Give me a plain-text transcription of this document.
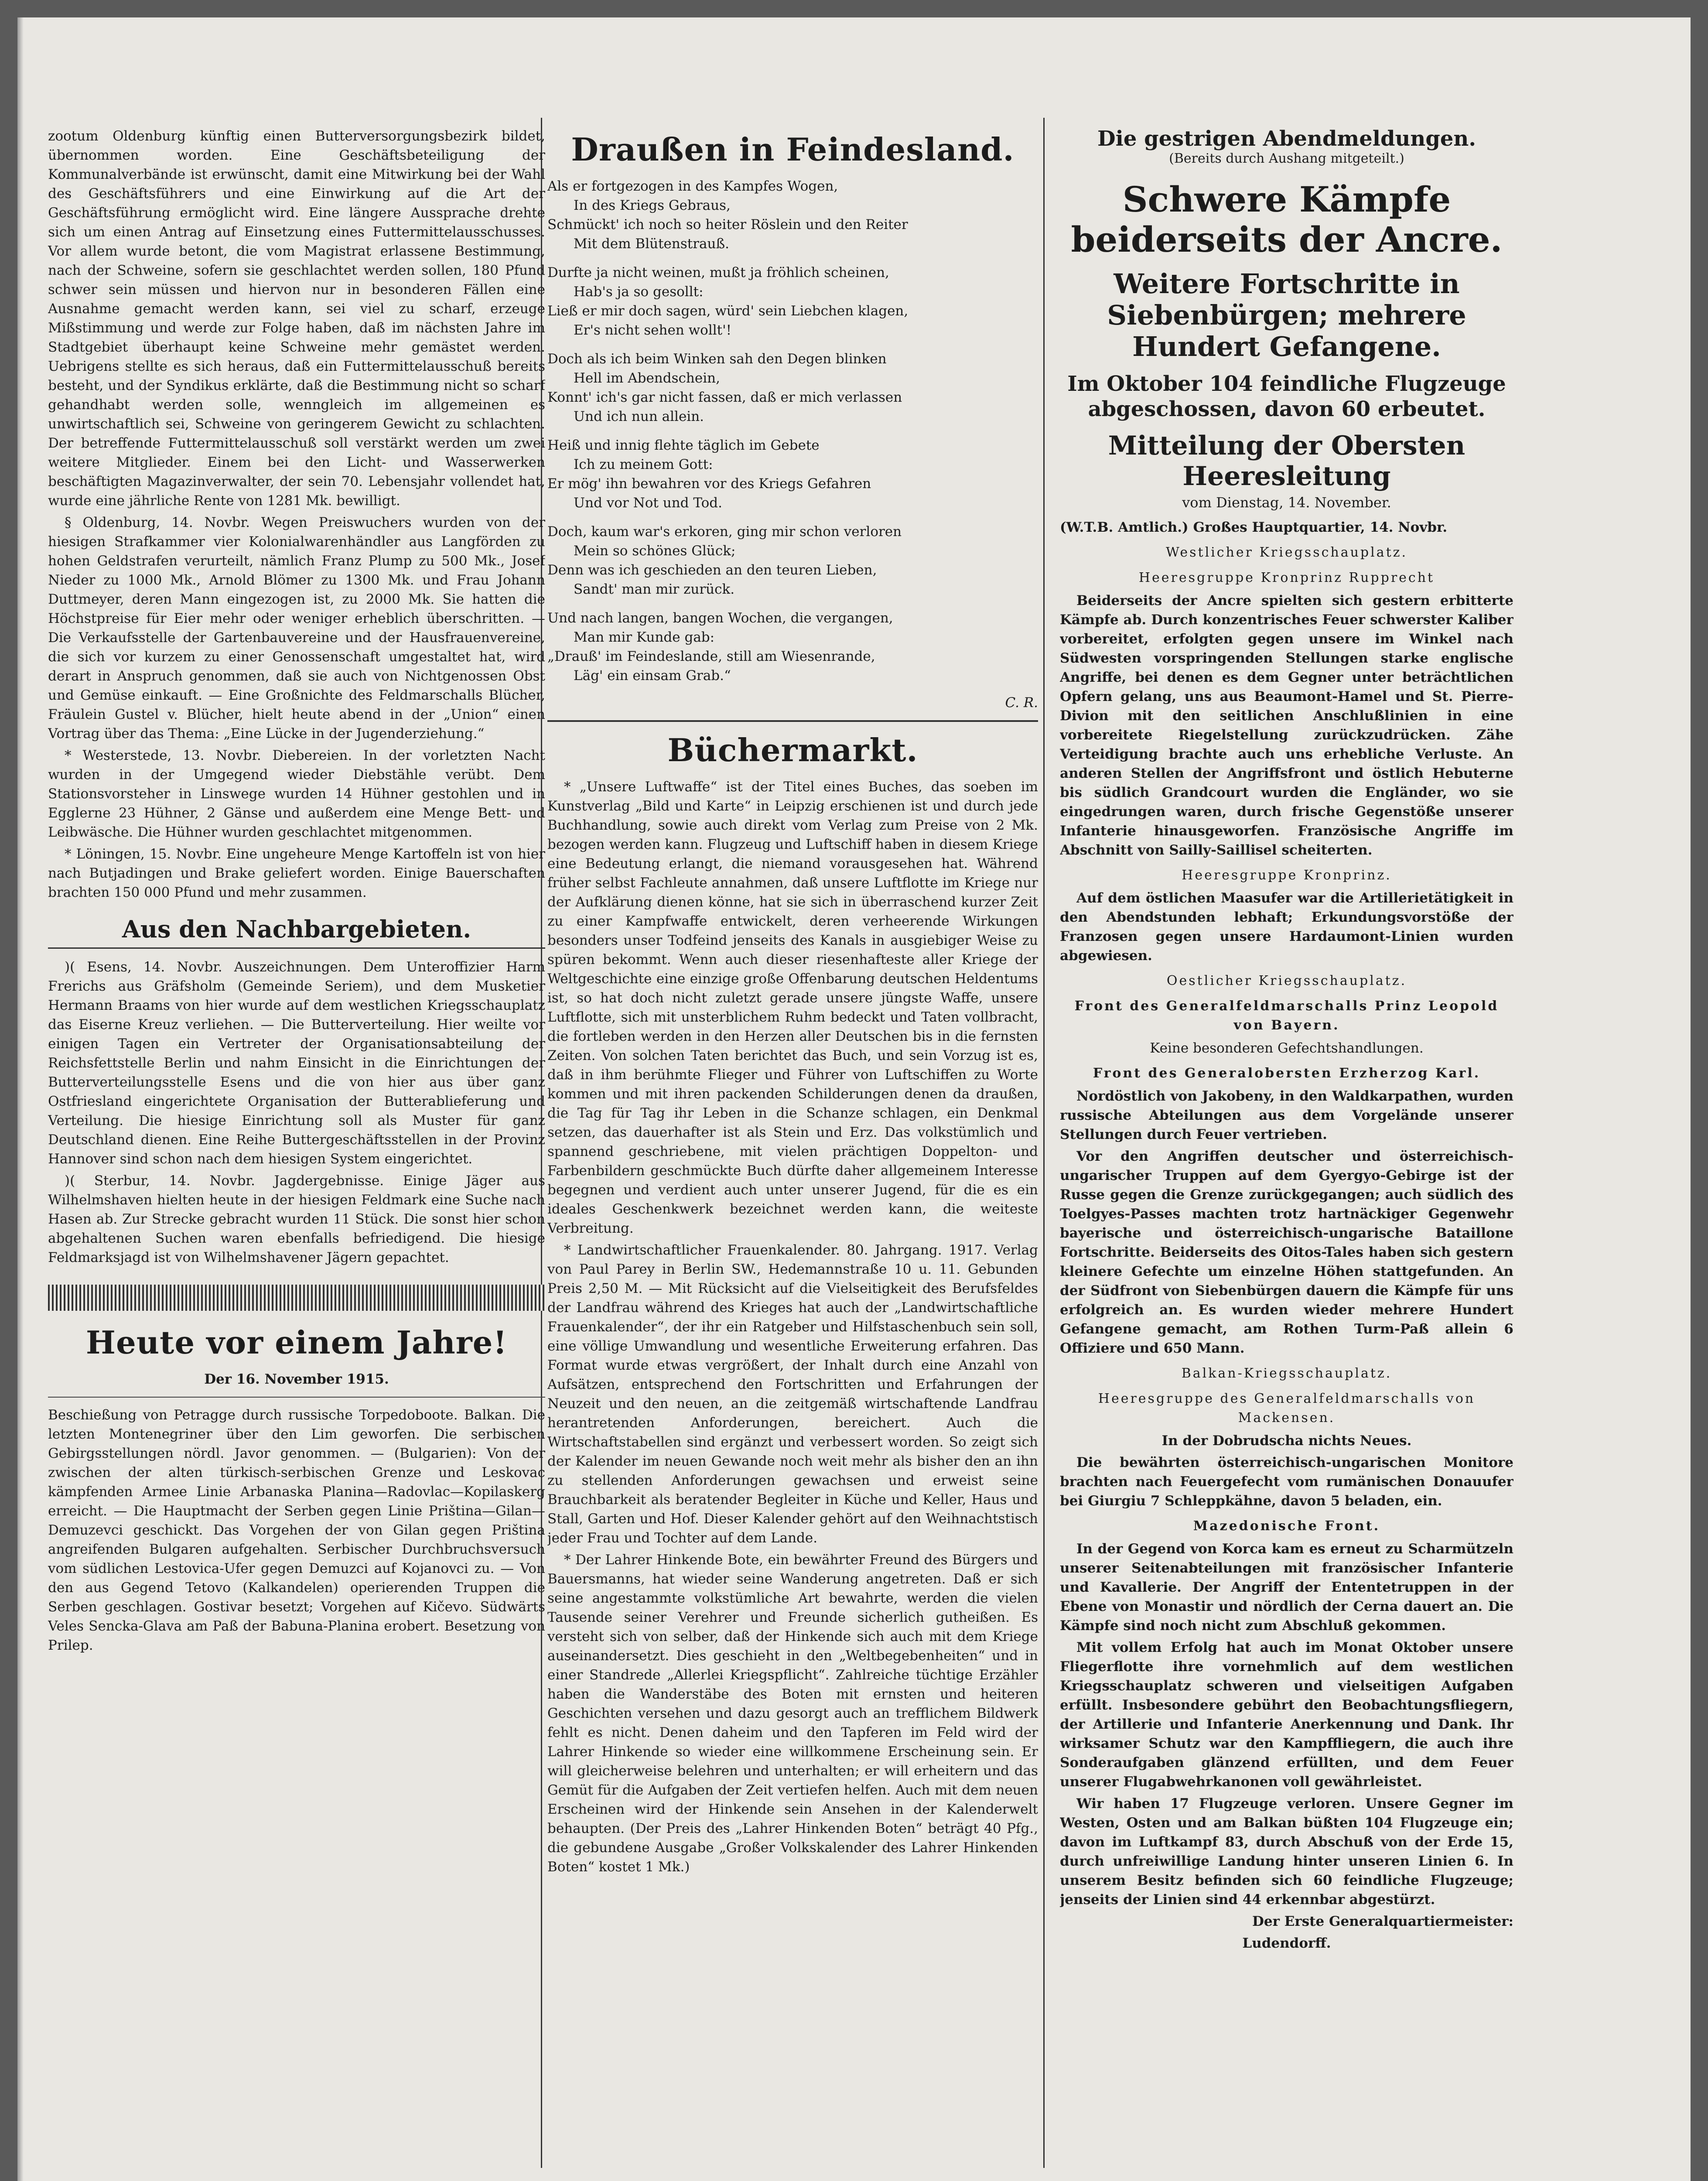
zootum Oldenburg künftig einen Butterversorgungsbezirk bildet, übernommen worden. Eine Geschäftsbeteiligung der Kommunalverbände ist erwünscht, damit eine Mitwirkung bei der Wahl des Geschäftsführers und eine Einwirkung auf die Art der Geschäftsführung ermöglicht wird. Eine längere Aussprache drehte sich um einen Antrag auf Einsetzung eines Futtermittelausschusses. Vor allem wurde betont, die vom Magistrat erlassene Bestimmung, nach der Schweine, sofern sie geschlachtet werden sollen, 180 Pfund schwer sein müssen und hiervon nur in besonderen Fällen eine Ausnahme gemacht werden kann, sei viel zu scharf, erzeuge Mißstimmung und werde zur Folge haben, daß im nächsten Jahre im Stadtgebiet überhaupt keine Schweine mehr gemästet werden. Uebrigens stellte es sich heraus, daß ein Futtermittelausschuß bereits besteht, und der Syndikus erklärte, daß die Bestimmung nicht so scharf gehandhabt werden solle, wenngleich im allgemeinen es unwirtschaftlich sei, Schweine von geringerem Gewicht zu schlachten. Der betreffende Futtermittelausschuß soll verstärkt werden um zwei weitere Mitglieder. Einem bei den Licht- und Wasserwerken beschäftigten Magazinverwalter, der sein 70. Lebensjahr vollendet hat, wurde eine jährliche Rente von 1281 Mk. bewilligt.

§ Oldenburg, 14. Novbr. Wegen Preiswuchers wurden von der hiesigen Strafkammer vier Kolonialwarenhändler aus Langförden zu hohen Geldstrafen verurteilt, nämlich Franz Plump zu 500 Mk., Josef Nieder zu 1000 Mk., Arnold Blömer zu 1300 Mk. und Frau Johann Duttmeyer, deren Mann eingezogen ist, zu 2000 Mk. Sie hatten die Höchstpreise für Eier mehr oder weniger erheblich überschritten. — Die Verkaufsstelle der Gartenbauvereine und der Hausfrauenvereine, die sich vor kurzem zu einer Genossenschaft umgestaltet hat, wird derart in Anspruch genommen, daß sie auch von Nichtgenossen Obst und Gemüse einkauft. — Eine Großnichte des Feldmarschalls Blücher, Fräulein Gustel v. Blücher, hielt heute abend in der „Union“ einen Vortrag über das Thema: „Eine Lücke in der Jugenderziehung.“

* Westerstede, 13. Novbr. Diebereien. In der vorletzten Nacht wurden in der Umgegend wieder Diebstähle verübt. Dem Stationsvorsteher in Linswege wurden 14 Hühner gestohlen und in Egglerne 23 Hühner, 2 Gänse und außerdem eine Menge Bett- und Leibwäsche. Die Hühner wurden geschlachtet mitgenommen.

* Löningen, 15. Novbr. Eine ungeheure Menge Kartoffeln ist von hier nach Butjadingen und Brake geliefert worden. Einige Bauerschaften brachten 150 000 Pfund und mehr zusammen.

Aus den Nachbargebieten.

)( Esens, 14. Novbr. Auszeichnungen. Dem Unteroffizier Harm Frerichs aus Gräfsholm (Gemeinde Seriem), und dem Musketier Hermann Braams von hier wurde auf dem westlichen Kriegsschauplatz das Eiserne Kreuz verliehen. — Die Butterverteilung. Hier weilte vor einigen Tagen ein Vertreter der Organisationsabteilung der Reichsfettstelle Berlin und nahm Einsicht in die Einrichtungen der Butterverteilungsstelle Esens und die von hier aus über ganz Ostfriesland eingerichtete Organisation der Butterablieferung und Verteilung. Die hiesige Einrichtung soll als Muster für ganz Deutschland dienen. Eine Reihe Buttergeschäftsstellen in der Provinz Hannover sind schon nach dem hiesigen System eingerichtet.

)( Sterbur, 14. Novbr. Jagdergebnisse. Einige Jäger aus Wilhelmshaven hielten heute in der hiesigen Feldmark eine Suche nach Hasen ab. Zur Strecke gebracht wurden 11 Stück. Die sonst hier schon abgehaltenen Suchen waren ebenfalls befriedigend. Die hiesige Feldmarksjagd ist von Wilhelmshavener Jägern gepachtet.

Heute vor einem Jahre!

Der 16. November 1915.

Beschießung von Petragge durch russische Torpedoboote. Balkan. Die letzten Montenegriner über den Lim geworfen. Die serbischen Gebirgsstellungen nördl. Javor genommen. — (Bulgarien): Von der zwischen der alten türkisch-serbischen Grenze und Leskovac kämpfenden Armee Linie Arbanaska Planina—Radovlac—Kopilaskerg erreicht. — Die Hauptmacht der Serben gegen Linie Priština—Gilan—Demuzevci geschickt. Das Vorgehen der von Gilan gegen Priština angreifenden Bulgaren aufgehalten. Serbischer Durchbruchsversuch vom südlichen Lestovica-Ufer gegen Demuzci auf Kojanovci zu. — Von den aus Gegend Tetovo (Kalkandelen) operierenden Truppen die Serben geschlagen. Gostivar besetzt; Vorgehen auf Kičevo. Südwärts Veles Sencka-Glava am Paß der Babuna-Planina erobert. Besetzung von Prilep.

Draußen in Feindesland.

Als er fortgezogen in des Kampfes Wogen,

In des Kriegs Gebraus,

Schmückt' ich noch so heiter Röslein und den Reiter

Mit dem Blütenstrauß.

Durfte ja nicht weinen, mußt ja fröhlich scheinen,

Hab's ja so gesollt:

Ließ er mir doch sagen, würd' sein Liebchen klagen,

Er's nicht sehen wollt'!

Doch als ich beim Winken sah den Degen blinken

Hell im Abendschein,

Konnt' ich's gar nicht fassen, daß er mich verlassen

Und ich nun allein.

Heiß und innig flehte täglich im Gebete

Ich zu meinem Gott:

Er mög' ihn bewahren vor des Kriegs Gefahren

Und vor Not und Tod.

Doch, kaum war's erkoren, ging mir schon verloren

Mein so schönes Glück;

Denn was ich geschieden an den teuren Lieben,

Sandt' man mir zurück.

Und nach langen, bangen Wochen, die vergangen,

Man mir Kunde gab:

„Drauß' im Feindeslande, still am Wiesenrande,

Läg' ein einsam Grab.“

C. R.
Büchermarkt.

* „Unsere Luftwaffe“ ist der Titel eines Buches, das soeben im Kunstverlag „Bild und Karte“ in Leipzig erschienen ist und durch jede Buchhandlung, sowie auch direkt vom Verlag zum Preise von 2 Mk. bezogen werden kann. Flugzeug und Luftschiff haben in diesem Kriege eine Bedeutung erlangt, die niemand vorausgesehen hat. Während früher selbst Fachleute annahmen, daß unsere Luftflotte im Kriege nur der Aufklärung dienen könne, hat sie sich in überraschend kurzer Zeit zu einer Kampfwaffe entwickelt, deren verheerende Wirkungen besonders unser Todfeind jenseits des Kanals in ausgiebiger Weise zu spüren bekommt. Wenn auch dieser riesenhafteste aller Kriege der Weltgeschichte eine einzige große Offenbarung deutschen Heldentums ist, so hat doch nicht zuletzt gerade unsere jüngste Waffe, unsere Luftflotte, sich mit unsterblichem Ruhm bedeckt und Taten vollbracht, die fortleben werden in den Herzen aller Deutschen bis in die fernsten Zeiten. Von solchen Taten berichtet das Buch, und sein Vorzug ist es, daß in ihm berühmte Flieger und Führer von Luftschiffen zu Worte kommen und mit ihren packenden Schilderungen denen da draußen, die Tag für Tag ihr Leben in die Schanze schlagen, ein Denkmal setzen, das dauerhafter ist als Stein und Erz. Das volkstümlich und spannend geschriebene, mit vielen prächtigen Doppelton- und Farbenbildern geschmückte Buch dürfte daher allgemeinem Interesse begegnen und verdient auch unter unserer Jugend, für die es ein ideales Geschenkwerk bezeichnet werden kann, die weiteste Verbreitung.

* Landwirtschaftlicher Frauenkalender. 80. Jahrgang. 1917. Verlag von Paul Parey in Berlin SW., Hedemannstraße 10 u. 11. Gebunden Preis 2,50 M. — Mit Rücksicht auf die Vielseitigkeit des Berufsfeldes der Landfrau während des Krieges hat auch der „Landwirtschaftliche Frauenkalender“, der ihr ein Ratgeber und Hilfstaschenbuch sein soll, eine völlige Umwandlung und wesentliche Erweiterung erfahren. Das Format wurde etwas vergrößert, der Inhalt durch eine Anzahl von Aufsätzen, entsprechend den Fortschritten und Erfahrungen der Neuzeit und den neuen, an die zeitgemäß wirtschaftende Landfrau herantretenden Anforderungen, bereichert. Auch die Wirtschaftstabellen sind ergänzt und verbessert worden. So zeigt sich der Kalender im neuen Gewande noch weit mehr als bisher den an ihn zu stellenden Anforderungen gewachsen und erweist seine Brauchbarkeit als beratender Begleiter in Küche und Keller, Haus und Stall, Garten und Hof. Dieser Kalender gehört auf den Weihnachtstisch jeder Frau und Tochter auf dem Lande.

* Der Lahrer Hinkende Bote, ein bewährter Freund des Bürgers und Bauersmanns, hat wieder seine Wanderung angetreten. Daß er sich seine angestammte volkstümliche Art bewahrte, werden die vielen Tausende seiner Verehrer und Freunde sicherlich gutheißen. Es versteht sich von selber, daß der Hinkende sich auch mit dem Kriege auseinandersetzt. Dies geschieht in den „Weltbegebenheiten“ und in einer Standrede „Allerlei Kriegspflicht“. Zahlreiche tüchtige Erzähler haben die Wanderstäbe des Boten mit ernsten und heiteren Geschichten versehen und dazu gesorgt auch an trefflichem Bildwerk fehlt es nicht. Denen daheim und den Tapferen im Feld wird der Lahrer Hinkende so wieder eine willkommene Erscheinung sein. Er will gleicherweise belehren und unterhalten; er will erheitern und das Gemüt für die Aufgaben der Zeit vertiefen helfen. Auch mit dem neuen Erscheinen wird der Hinkende sein Ansehen in der Kalenderwelt behaupten. (Der Preis des „Lahrer Hinkenden Boten“ beträgt 40 Pfg., die gebundene Ausgabe „Großer Volkskalender des Lahrer Hinkenden Boten“ kostet 1 Mk.)

Die gestrigen Abendmeldungen.
(Bereits durch Aushang mitgeteilt.)
Schwere Kämpfe beiderseits der Ancre.
Weitere Fortschritte in Siebenbürgen; mehrere Hundert Gefangene.
Im Oktober 104 feindliche Flugzeuge abgeschossen, davon 60 erbeutet.
Mitteilung der Obersten Heeresleitung
vom Dienstag, 14. November.

(W.T.B. Amtlich.) Großes Hauptquartier, 14. Novbr.

Westlicher Kriegsschauplatz.

Heeresgruppe Kronprinz Rupprecht

Beiderseits der Ancre spielten sich gestern erbitterte Kämpfe ab. Durch konzentrisches Feuer schwerster Kaliber vorbereitet, erfolgten gegen unsere im Winkel nach Südwesten vorspringenden Stellungen starke englische Angriffe, bei denen es dem Gegner unter beträchtlichen Opfern gelang, uns aus Beaumont-Hamel und St. Pierre-Divion mit den seitlichen Anschlußlinien in eine vorbereitete Riegelstellung zurückzudrücken. Zähe Verteidigung brachte auch uns erhebliche Verluste. An anderen Stellen der Angriffsfront und östlich Hebuterne bis südlich Grandcourt wurden die Engländer, wo sie eingedrungen waren, durch frische Gegenstöße unserer Infanterie hinausgeworfen. Französische Angriffe im Abschnitt von Sailly-Saillisel scheiterten.

Heeresgruppe Kronprinz.

Auf dem östlichen Maasufer war die Artillerietätigkeit in den Abendstunden lebhaft; Erkundungsvorstöße der Franzosen gegen unsere Hardaumont-Linien wurden abgewiesen.

Oestlicher Kriegsschauplatz.

Front des Generalfeldmarschalls Prinz Leopold von Bayern.

Keine besonderen Gefechtshandlungen.

Front des Generalobersten Erzherzog Karl.

Nordöstlich von Jakobeny, in den Waldkarpathen, wurden russische Abteilungen aus dem Vorgelände unserer Stellungen durch Feuer vertrieben.

Vor den Angriffen deutscher und österreichisch-ungarischer Truppen auf dem Gyergyo-Gebirge ist der Russe gegen die Grenze zurückgegangen; auch südlich des Toelgyes-Passes machten trotz hartnäckiger Gegenwehr bayerische und österreichisch-ungarische Bataillone Fortschritte. Beiderseits des Oitos-Tales haben sich gestern kleinere Gefechte um einzelne Höhen stattgefunden. An der Südfront von Siebenbürgen dauern die Kämpfe für uns erfolgreich an. Es wurden wieder mehrere Hundert Gefangene gemacht, am Rothen Turm-Paß allein 6 Offiziere und 650 Mann.

Balkan-Kriegsschauplatz.

Heeresgruppe des Generalfeldmarschalls von Mackensen.

In der Dobrudscha nichts Neues.

Die bewährten österreichisch-ungarischen Monitore brachten nach Feuergefecht vom rumänischen Donauufer bei Giurgiu 7 Schleppkähne, davon 5 beladen, ein.

Mazedonische Front.

In der Gegend von Korca kam es erneut zu Scharmützeln unserer Seitenabteilungen mit französischer Infanterie und Kavallerie. Der Angriff der Ententetruppen in der Ebene von Monastir und nördlich der Cerna dauert an. Die Kämpfe sind noch nicht zum Abschluß gekommen.

Mit vollem Erfolg hat auch im Monat Oktober unsere Fliegerflotte ihre vornehmlich auf dem westlichen Kriegsschauplatz schweren und vielseitigen Aufgaben erfüllt. Insbesondere gebührt den Beobachtungsfliegern, der Artillerie und Infanterie Anerkennung und Dank. Ihr wirksamer Schutz war den Kampffliegern, die auch ihre Sonderaufgaben glänzend erfüllten, und dem Feuer unserer Flugabwehrkanonen voll gewährleistet.

Wir haben 17 Flugzeuge verloren. Unsere Gegner im Westen, Osten und am Balkan büßten 104 Flugzeuge ein; davon im Luftkampf 83, durch Abschuß von der Erde 15, durch unfreiwillige Landung hinter unseren Linien 6. In unserem Besitz befinden sich 60 feindliche Flugzeuge; jenseits der Linien sind 44 erkennbar abgestürzt.

Der Erste Generalquartiermeister:

Ludendorff.
